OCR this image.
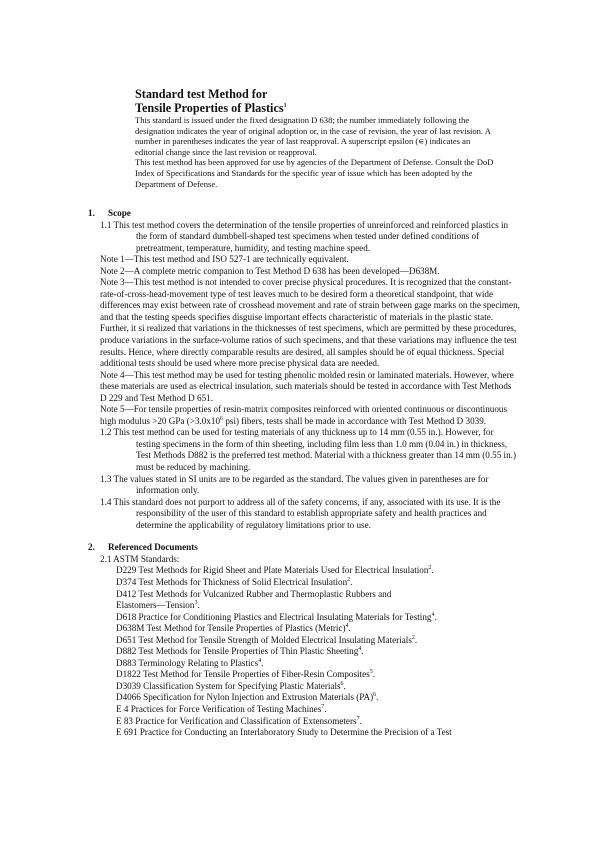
Standard test Method for

Tensile Properties of Plastics$^1$

This standard is issued under the fixed designation D 638; the number immediately following the designation indicates the year of original adoption or, in the case of revision, the year of last revision. A number in parentheses indicates the year of last reapproval. A superscript epsilon (∊) indicates an editorial change since the last revision or reapproval.

This test method has been approved for use by agencies of the Department of Defense. Consult the DoD Index of Specifications and Standards for the specific year of issue which has been adopted by the Department of Defense.

1. Scope

1.1 This test method covers the determination of the tensile properties of unreinforced and reinforced plastics in the form of standard dumbbell-shaped test specimens when tested under defined conditions of pretreatment, temperature, humidity, and testing machine speed.

Note 1—This test method and ISO 527-1 are technically equivalent.

Note 2—A complete metric companion to Test Method D 638 has been developed—D638M.

Note 3—This test method is not intended to cover precise physical procedures. It is recognized that the constant-rate-of-cross-head-movement type of test leaves much to be desired form a theoretical standpoint, that wide differences may exist between rate of crosshead movement and rate of strain between gage marks on the specimen, and that the testing speeds specifies disguise important effects characteristic of materials in the plastic state. Further, it si realized that variations in the thicknesses of test specimens, which are permitted by these procedures, produce variations in the surface-volume ratios of such specimens, and that these variations may influence the test results. Hence, where directly comparable results are desired, all samples should be of equal thickness. Special additional tests should be used where more precise physical data are needed.

Note 4—This test method may be used for testing phenolic molded resin or laminated materials. However, where these materials are used as electrical insulation, such materials should be tested in accordance with Test Methods D 229 and Test Method D 651.

Note 5—For tensile properties of resin-matrix composites reinforced with oriented continuous or discontinuous high modulus >20 GPa ($>3.0x10^6$ psi) fibers, tests shall be made in accordance with Test Method D 3039.

1.2 This test method can be used for testing materials of any thickness up to 14 mm (0.55 in.). However, for testing specimens in the form of thin sheeting, including film less than 1.0 mm (0.04 in.) in thickness, Test Methods D882 is the preferred test method. Material with a thickness greater than 14 mm (0.55 in.) must be reduced by machining.

1.3 The values stated in SI units are to be regarded as the standard. The values given in parentheses are for information only.

1.4 This standard does not purport to address all of the safety concerns, if any, associated with its use. It is the responsibility of the user of this standard to establish appropriate safety and health practices and determine the applicability of regulatory limitations prior to use.

2. Referenced Documents

2.1 ASTM Standards:

D229 Test Methods for Rigid Sheet and Plate Materials Used for Electrical Insulation$^2$.

D374 Test Methods for Thickness of Solid Electrical Insulation$^2$.

D412 Test Methods for Vulcanized Rubber and Thermoplastic Rubbers and

Elastomers—Tension$^3$.

D618 Practice for Conditioning Plastics and Electrical Insulating Materials for Testing$^4$.

D638M Test Method for Tensile Properties of Plastics (Metric)$^4$.

D651 Test Method for Tensile Strength of Molded Electrical Insulating Materials$^2$.

D882 Test Methods for Tensile Properties of Thin Plastic Sheeting$^4$.

D883 Terminology Relating to Plastics$^4$.

D1822 Test Method for Tensile Properties of Fiber-Resin Composites$^5$.

D3039 Classification System for Specifying Plastic Materials$^6$.

D4066 Specification for Nylon Injection and Extrusion Materials (PA)$^6$.

E 4 Practices for Force Verification of Testing Machines$^7$.

E 83 Practice for Verification and Classification of Extensometers$^7$.

E 691 Practice for Conducting an Interlaboratory Study to Determine the Precision of a Test
